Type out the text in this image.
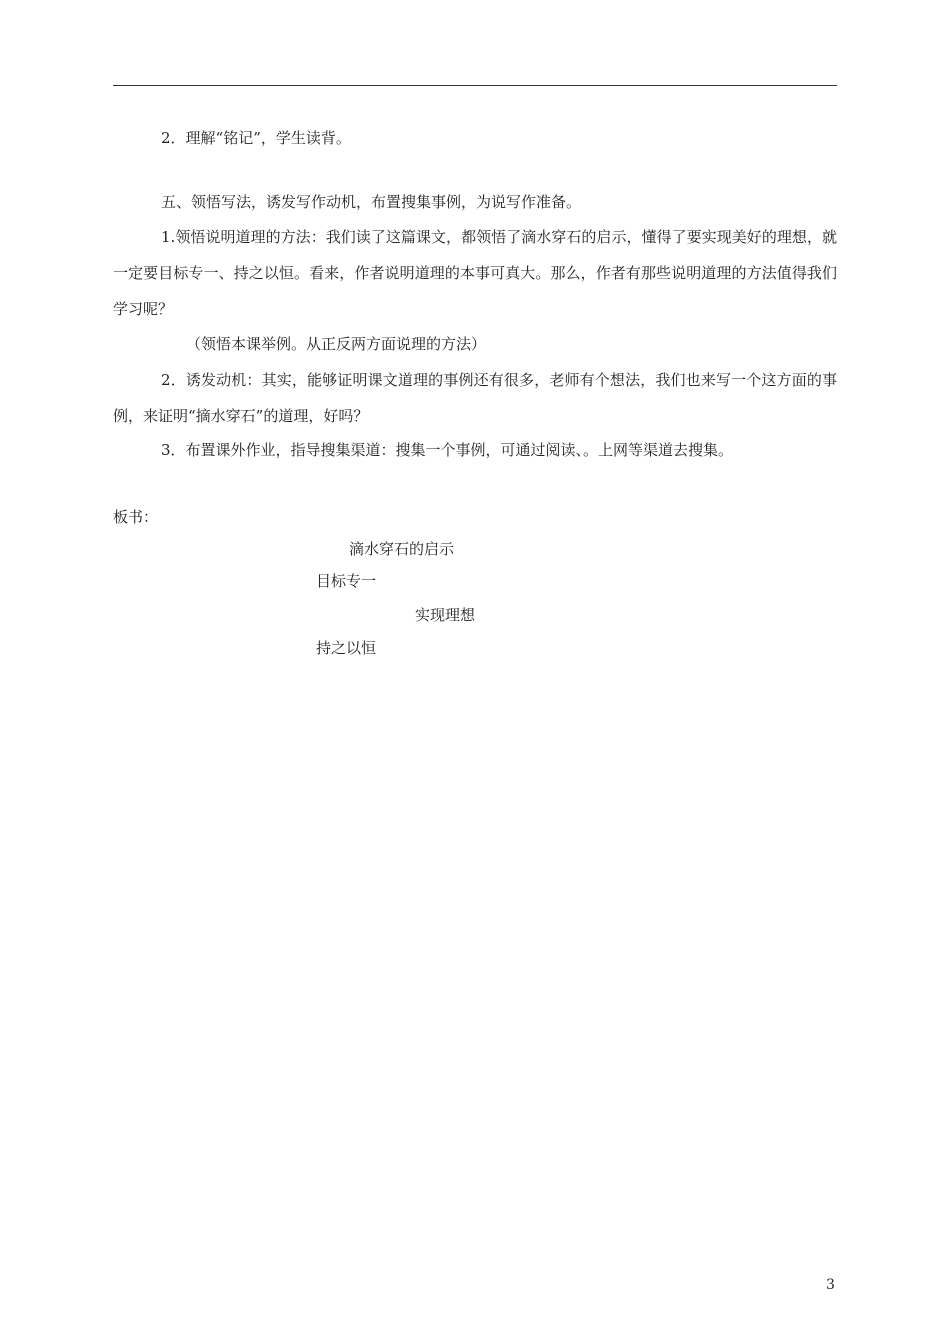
2．理解“铭记”，学生读背。
五、领悟写法，诱发写作动机，布置搜集事例，为说写作准备。
1.领悟说明道理的方法：我们读了这篇课文，都领悟了滴水穿石的启示，懂得了要实现美好的理想，就一定要目标专一、持之以恒。看来，作者说明道理的本事可真大。那么，作者有那些说明道理的方法值得我们学习呢？
（领悟本课举例。从正反两方面说理的方法）
2．诱发动机：其实，能够证明课文道理的事例还有很多，老师有个想法，我们也来写一个这方面的事例，来证明“摘水穿石”的道理，好吗？
3．布置课外作业，指导搜集渠道：搜集一个事例，可通过阅读、。上网等渠道去搜集。
板书：
滴水穿石的启示
目标专一
实现理想
持之以恒
3
